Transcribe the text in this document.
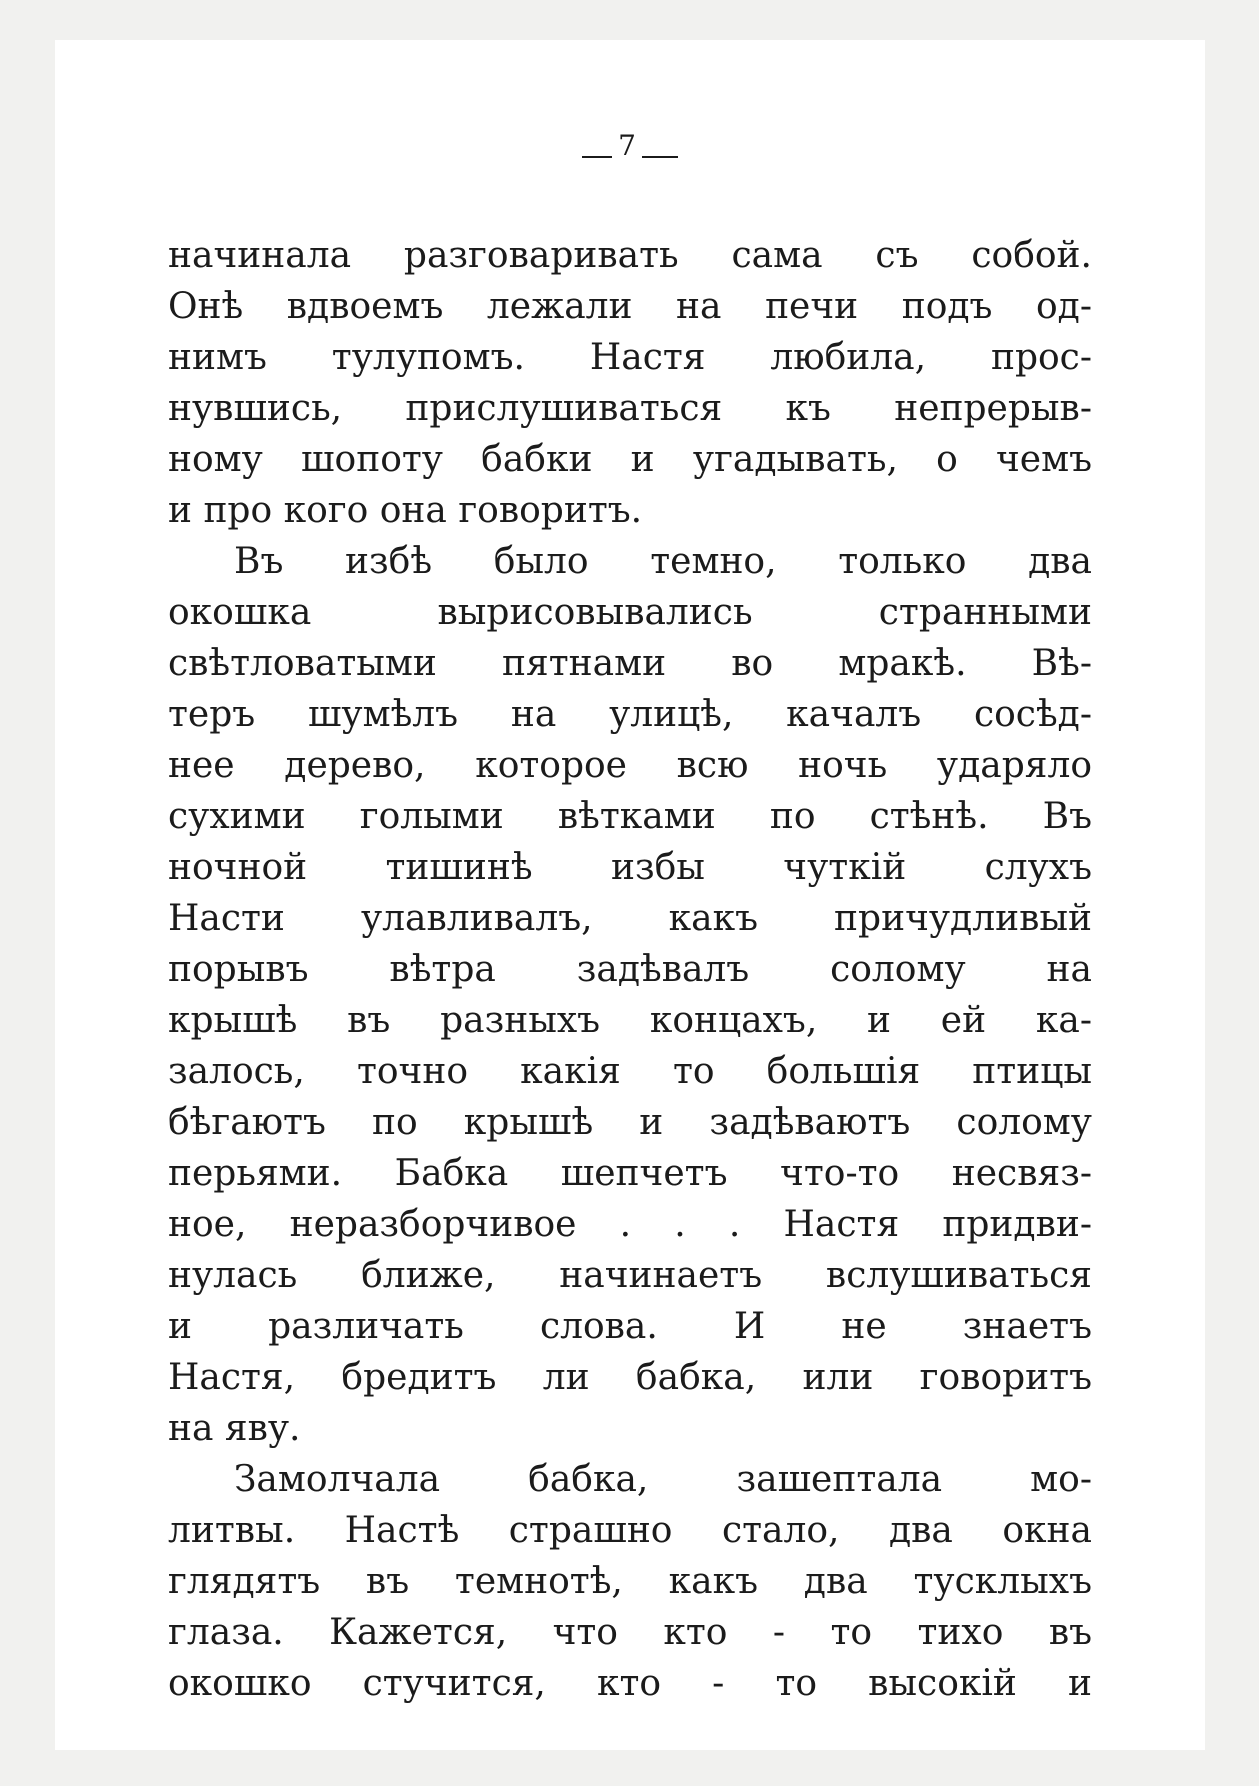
7
начинала разговаривать сама съ собой.
Онѣ вдвоемъ лежали на печи подъ од-
нимъ тулупомъ. Настя любила, прос-
нувшись, прислушиваться къ непрерыв-
ному шопоту бабки и угадывать, о чемъ
и про кого она говоритъ.
Въ избѣ было темно, только два
окошка вырисовывались странными
свѣтловатыми пятнами во мракѣ. Вѣ-
теръ шумѣлъ на улицѣ, качалъ сосѣд-
нее дерево, которое всю ночь ударяло
сухими голыми вѣтками по стѣнѣ. Въ
ночной тишинѣ избы чуткій слухъ
Насти улавливалъ, какъ причудливый
порывъ вѣтра задѣвалъ солому на
крышѣ въ разныхъ концахъ, и ей ка-
залось, точно какія то большія птицы
бѣгаютъ по крышѣ и задѣваютъ солому
перьями. Бабка шепчетъ что-то несвяз-
ное, неразборчивое . . . Настя придви-
нулась ближе, начинаетъ вслушиваться
и различать слова. И не знаетъ
Настя, бредитъ ли бабка, или говоритъ
на яву.
Замолчала бабка, зашептала мо-
литвы. Настѣ страшно стало, два окна
глядятъ въ темнотѣ, какъ два тусклыхъ
глаза. Кажется, что кто - то тихо въ
окошко стучится, кто - то высокій и
